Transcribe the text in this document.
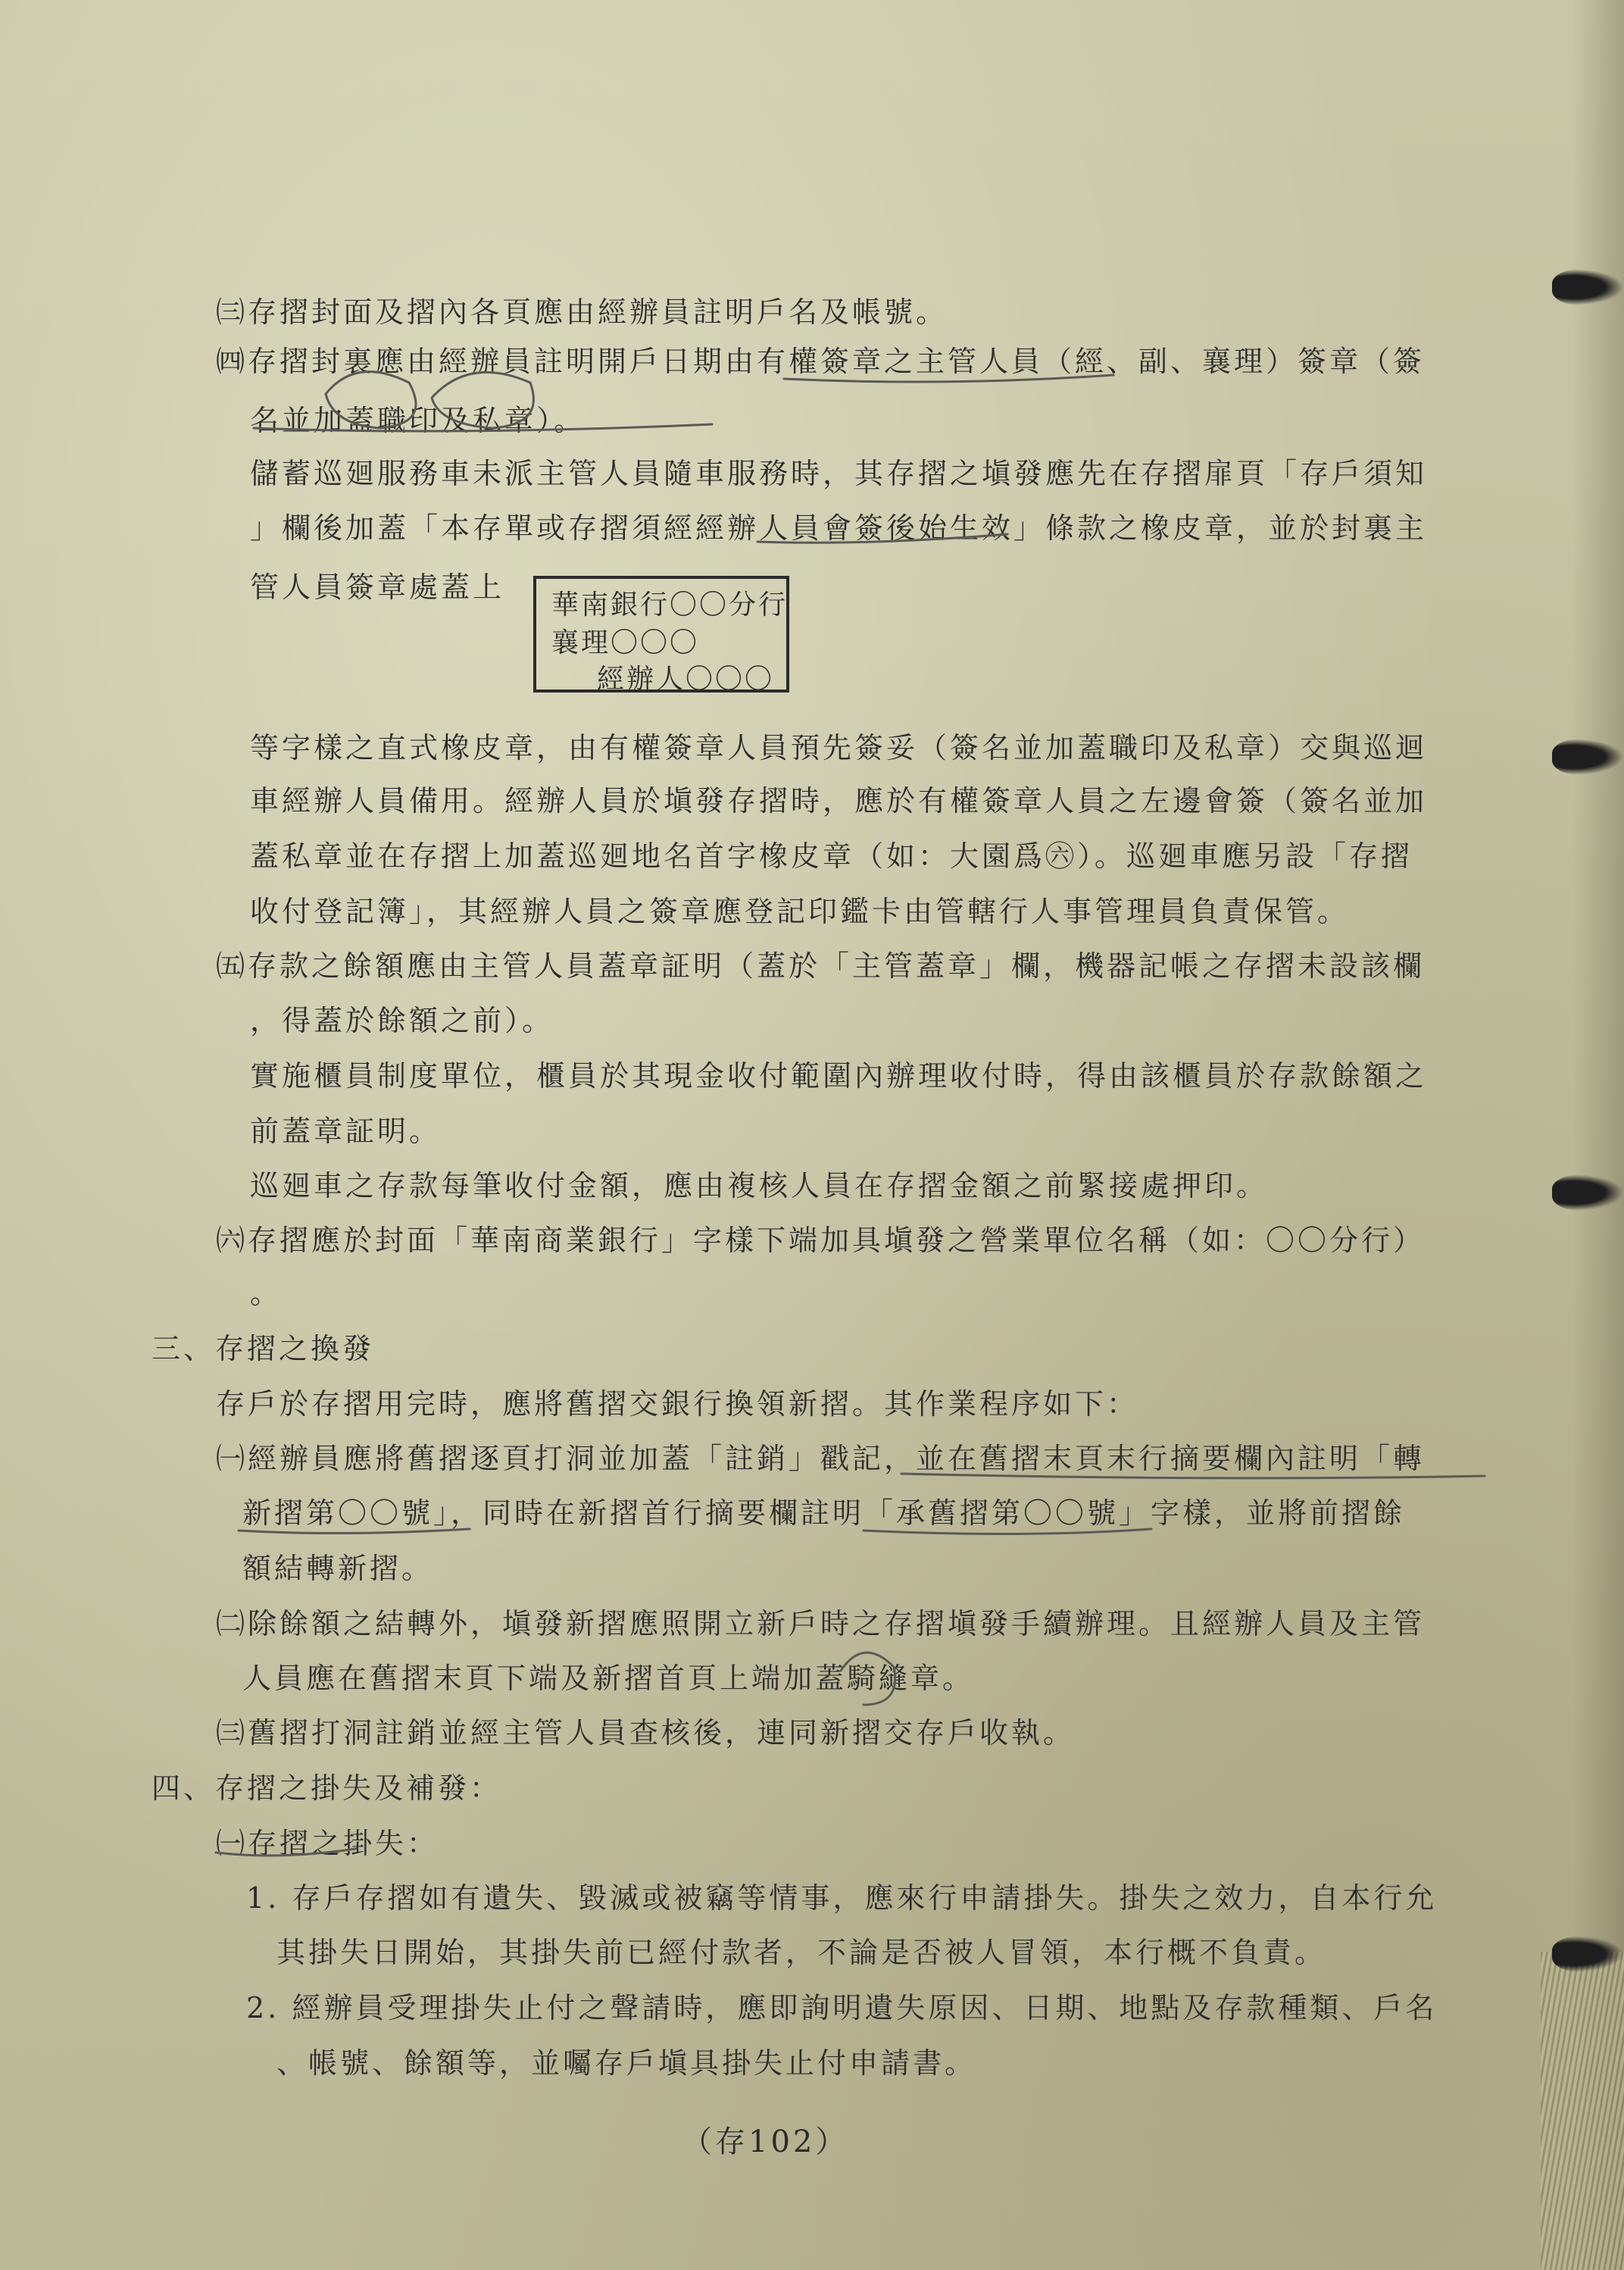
㈢存摺封面及摺內各頁應由經辦員註明戶名及帳號。
㈣存摺封裏應由經辦員註明開戶日期由有權簽章之主管人員（經、副、襄理）簽章（簽
名並加蓋職印及私章）。
儲蓄巡廻服務車未派主管人員隨車服務時，其存摺之塡發應先在存摺扉頁「存戶須知
」欄後加蓋「本存單或存摺須經經辦人員會簽後始生效」條款之橡皮章，並於封裏主
管人員簽章處蓋上
華南銀行〇〇分行
襄理〇〇〇
經辦人〇〇〇
等字樣之直式橡皮章，由有權簽章人員預先簽妥（簽名並加蓋職印及私章）交與巡迴
車經辦人員備用。經辦人員於塡發存摺時，應於有權簽章人員之左邊會簽（簽名並加
蓋私章並在存摺上加蓋巡廻地名首字橡皮章（如：大園爲㊅）。巡廻車應另設「存摺
收付登記簿」，其經辦人員之簽章應登記印鑑卡由管轄行人事管理員負責保管。
㈤存款之餘額應由主管人員蓋章証明（蓋於「主管蓋章」欄，機器記帳之存摺未設該欄
，得蓋於餘額之前）。
實施櫃員制度單位，櫃員於其現金收付範圍內辦理收付時，得由該櫃員於存款餘額之
前蓋章証明。
巡廻車之存款每筆收付金額，應由複核人員在存摺金額之前緊接處押印。
㈥存摺應於封面「華南商業銀行」字樣下端加具塡發之營業單位名稱（如：〇〇分行）
。
三、存摺之換發
存戶於存摺用完時，應將舊摺交銀行換領新摺。其作業程序如下：
㈠經辦員應將舊摺逐頁打洞並加蓋「註銷」戳記，並在舊摺末頁末行摘要欄內註明「轉
新摺第〇〇號」，同時在新摺首行摘要欄註明「承舊摺第〇〇號」字樣，並將前摺餘
額結轉新摺。
㈡除餘額之結轉外，塡發新摺應照開立新戶時之存摺塡發手續辦理。且經辦人員及主管
人員應在舊摺末頁下端及新摺首頁上端加蓋騎縫章。
㈢舊摺打洞註銷並經主管人員查核後，連同新摺交存戶收執。
四、存摺之掛失及補發：
㈠存摺之掛失：
1. 存戶存摺如有遺失、毀滅或被竊等情事，應來行申請掛失。掛失之效力，自本行允
其掛失日開始，其掛失前已經付款者，不論是否被人冒領，本行概不負責。
2. 經辦員受理掛失止付之聲請時，應即詢明遺失原因、日期、地點及存款種類、戶名
、帳號、餘額等，並囑存戶塡具掛失止付申請書。
（存102）
